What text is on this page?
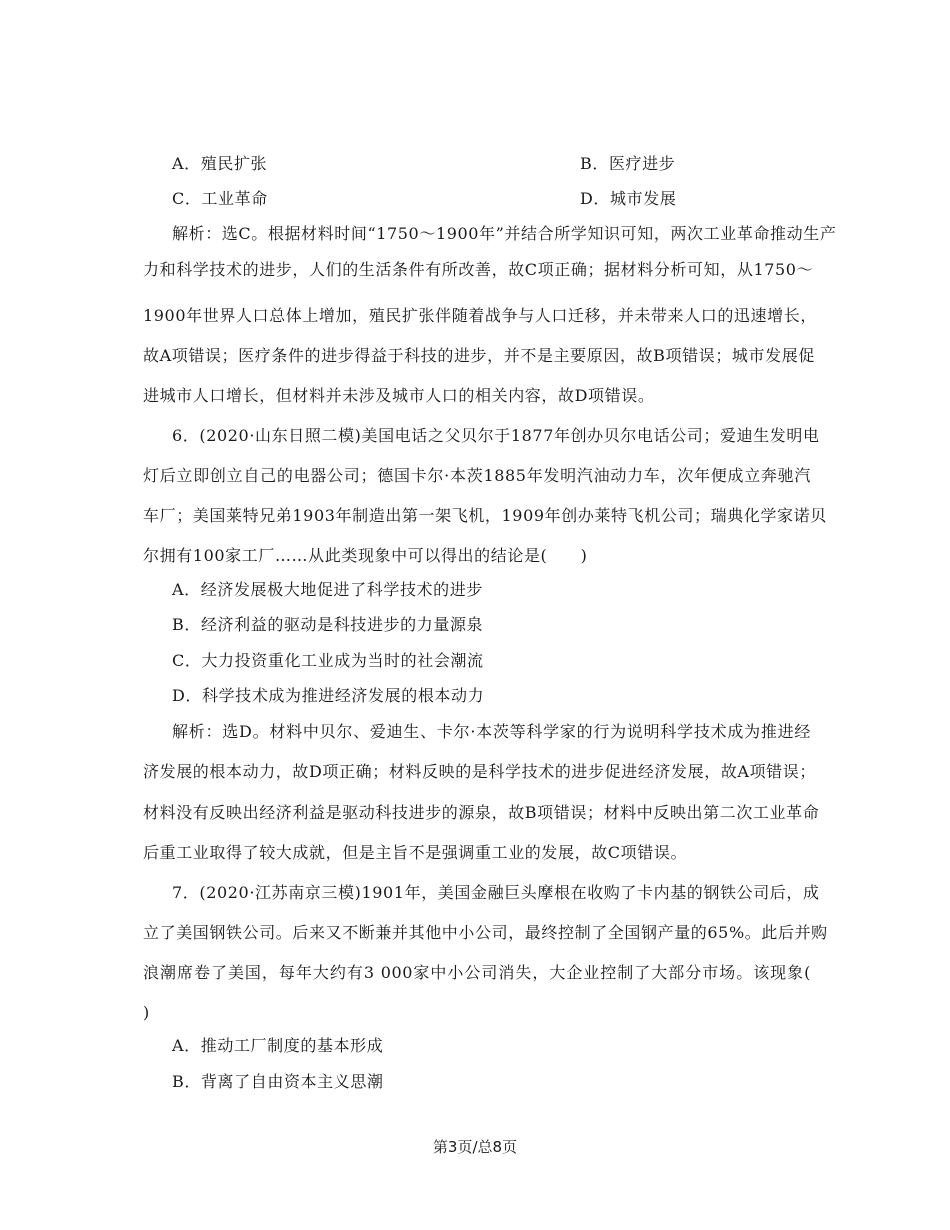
A．殖民扩张	B．医疗进步
C．工业革命	D．城市发展
解析：选C。根据材料时间“1750～1900年”并结合所学知识可知，两次工业革命推动生产
力和科学技术的进步，人们的生活条件有所改善，故C项正确；据材料分析可知，从1750～
1900年世界人口总体上增加，殖民扩张伴随着战争与人口迁移，并未带来人口的迅速增长，
故A项错误；医疗条件的进步得益于科技的进步，并不是主要原因，故B项错误；城市发展促
进城市人口增长，但材料并未涉及城市人口的相关内容，故D项错误。
6．(2020·山东日照二模)美国电话之父贝尔于1877年创办贝尔电话公司；爱迪生发明电
灯后立即创立自己的电器公司；德国卡尔·本茨1885年发明汽油动力车，次年便成立奔驰汽
车厂；美国莱特兄弟1903年制造出第一架飞机，1909年创办莱特飞机公司；瑞典化学家诺贝
尔拥有100家工厂……从此类现象中可以得出的结论是(　　)
A．经济发展极大地促进了科学技术的进步
B．经济利益的驱动是科技进步的力量源泉
C．大力投资重化工业成为当时的社会潮流
D．科学技术成为推进经济发展的根本动力
解析：选D。材料中贝尔、爱迪生、卡尔·本茨等科学家的行为说明科学技术成为推进经
济发展的根本动力，故D项正确；材料反映的是科学技术的进步促进经济发展，故A项错误；
材料没有反映出经济利益是驱动科技进步的源泉，故B项错误；材料中反映出第二次工业革命
后重工业取得了较大成就，但是主旨不是强调重工业的发展，故C项错误。
7．(2020·江苏南京三模)1901年，美国金融巨头摩根在收购了卡内基的钢铁公司后，成
立了美国钢铁公司。后来又不断兼并其他中小公司，最终控制了全国钢产量的65%。此后并购
浪潮席卷了美国，每年大约有3 000家中小公司消失，大企业控制了大部分市场。该现象(
)
A．推动工厂制度的基本形成
B．背离了自由资本主义思潮
第3页/总8页
